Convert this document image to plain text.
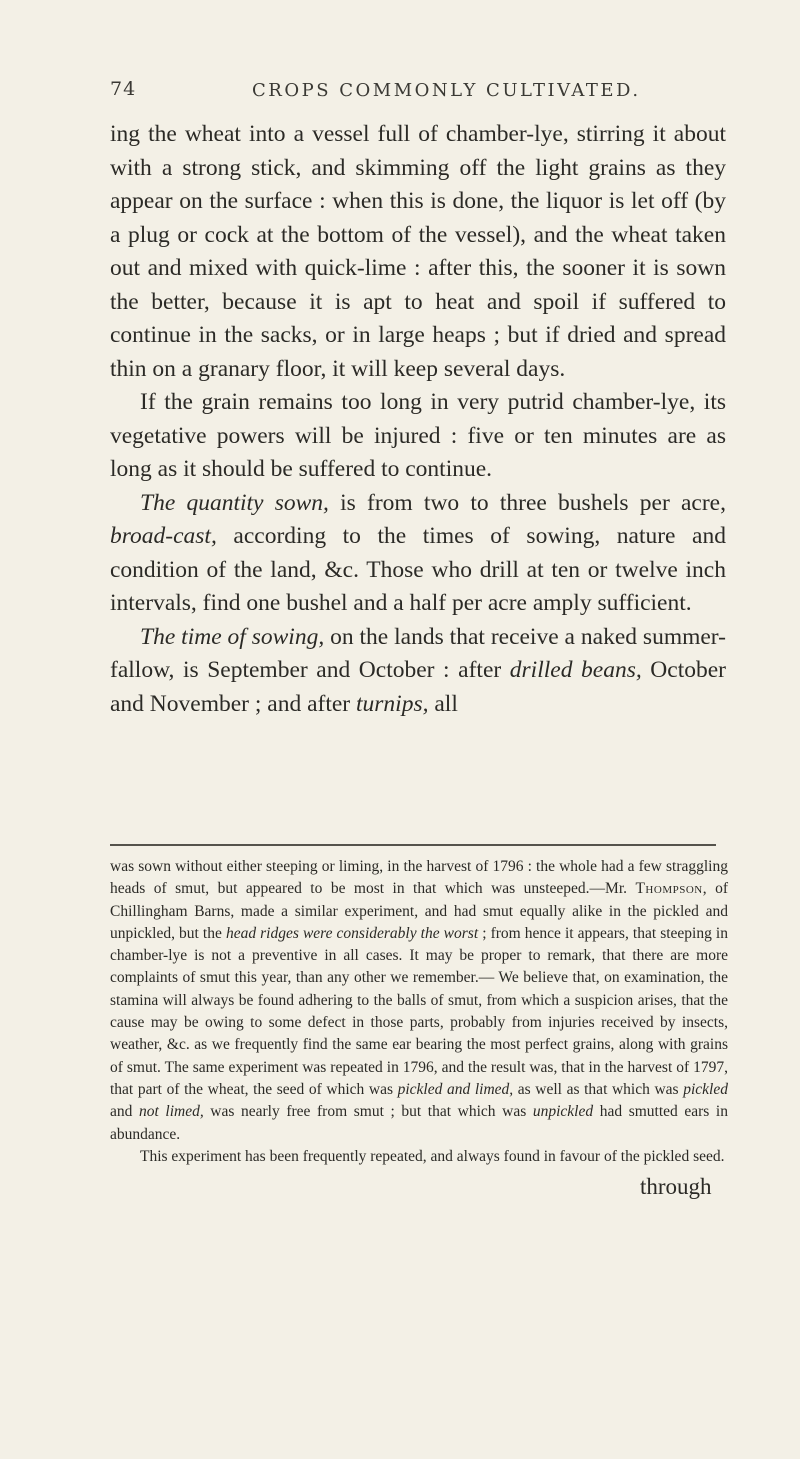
74	CROPS COMMONLY CULTIVATED.

ing the wheat into a vessel full of chamber-lye, stirring it about with a strong stick, and skimming off the light grains as they appear on the surface : when this is done, the liquor is let off (by a plug or cock at the bottom of the vessel), and the wheat taken out and mixed with quick-lime : after this, the sooner it is sown the better, because it is apt to heat and spoil if suffered to continue in the sacks, or in large heaps ; but if dried and spread thin on a granary floor, it will keep several days.

If the grain remains too long in very putrid chamber-lye, its vegetative powers will be injured : five or ten minutes are as long as it should be suffered to continue.

The quantity sown, is from two to three bushels per acre, broad-cast, according to the times of sowing, nature and condition of the land, &c. Those who drill at ten or twelve inch intervals, find one bushel and a half per acre amply sufficient.

The time of sowing, on the lands that receive a naked summer-fallow, is September and October : after drilled beans, October and November ; and after turnips, all

was sown without either steeping or liming, in the harvest of 1796 : the whole had a few straggling heads of smut, but appeared to be most in that which was unsteeped.—Mr. Thompson, of Chillingham Barns, made a similar experiment, and had smut equally alike in the pickled and unpickled, but the head ridges were considerably the worst ; from hence it appears, that steeping in chamber-lye is not a preventive in all cases. It may be proper to remark, that there are more complaints of smut this year, than any other we remember.— We believe that, on examination, the stamina will always be found adhering to the balls of smut, from which a suspicion arises, that the cause may be owing to some defect in those parts, probably from injuries received by insects, weather, &c. as we frequently find the same ear bearing the most perfect grains, along with grains of smut. The same experiment was repeated in 1796, and the result was, that in the harvest of 1797, that part of the wheat, the seed of which was pickled and limed, as well as that which was pickled and not limed, was nearly free from smut ; but that which was unpickled had smutted ears in abundance.

This experiment has been frequently repeated, and always found in favour of the pickled seed.

through
